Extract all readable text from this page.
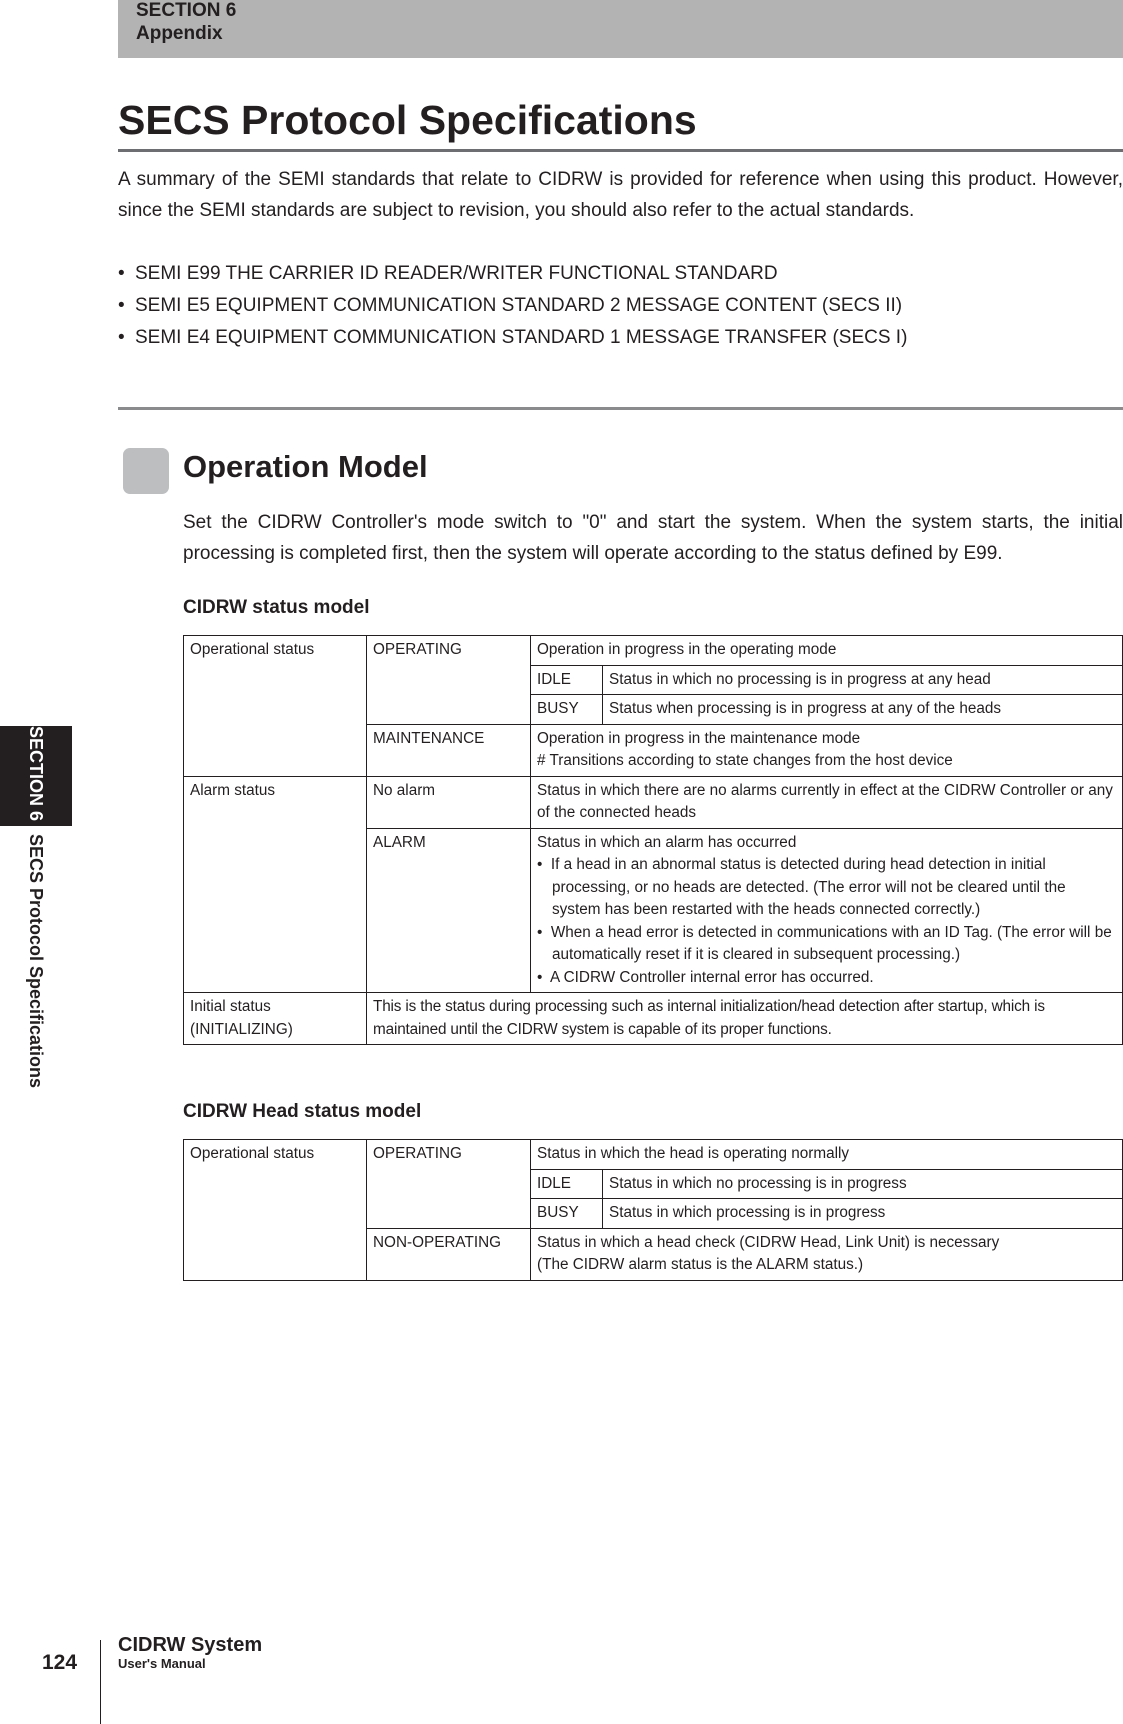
SECTION 6
Appendix
SECS Protocol Specifications

A summary of the SEMI standards that relate to CIDRW is provided for reference when using this product. However, since the SEMI standards are subject to revision, you should also refer to the actual standards.

• SEMI E99 THE CARRIER ID READER/WRITER FUNCTIONAL STANDARD
• SEMI E5 EQUIPMENT COMMUNICATION STANDARD 2 MESSAGE CONTENT (SECS II)
• SEMI E4 EQUIPMENT COMMUNICATION STANDARD 1 MESSAGE TRANSFER (SECS I)
Operation Model

Set the CIDRW Controller's mode switch to "0" and start the system. When the system starts, the initial processing is completed first, then the system will operate according to the status defined by E99.

CIDRW status model
Operational status	OPERATING	Operation in progress in the operating mode	
		IDLE	Status in which no processing is in progress at any head
		BUSY	Status when processing is in progress at any of the heads
	MAINTENANCE	Operation in progress in the maintenance mode
# Transitions according to state changes from the host device	

Alarm status	No alarm	Status in which there are no alarms currently in effect at the CIDRW Controller or any of the connected heads	
	ALARM	Status in which an alarm has occurred
• If a head in an abnormal status is detected during head detection in initial processing, or no heads are detected. (The error will not be cleared until the system has been restarted with the heads connected correctly.)
• When a head error is detected in communications with an ID Tag. (The error will be automatically reset if it is cleared in subsequent processing.)
• A CIDRW Controller internal error has occurred.	

Initial status
(INITIALIZING)	This is the status during processing such as internal initialization/head detection after startup, which is maintained until the CIDRW system is capable of its proper functions.		
CIDRW Head status model
Operational status	OPERATING	Status in which the head is operating normally	
		IDLE	Status in which no processing is in progress
		BUSY	Status in which processing is in progress
	NON-OPERATING	Status in which a head check (CIDRW Head, Link Unit) is necessary
(The CIDRW alarm status is the ALARM status.)	
SECTION 6SECS Protocol Specifications
124
CIDRW System
User's Manual
